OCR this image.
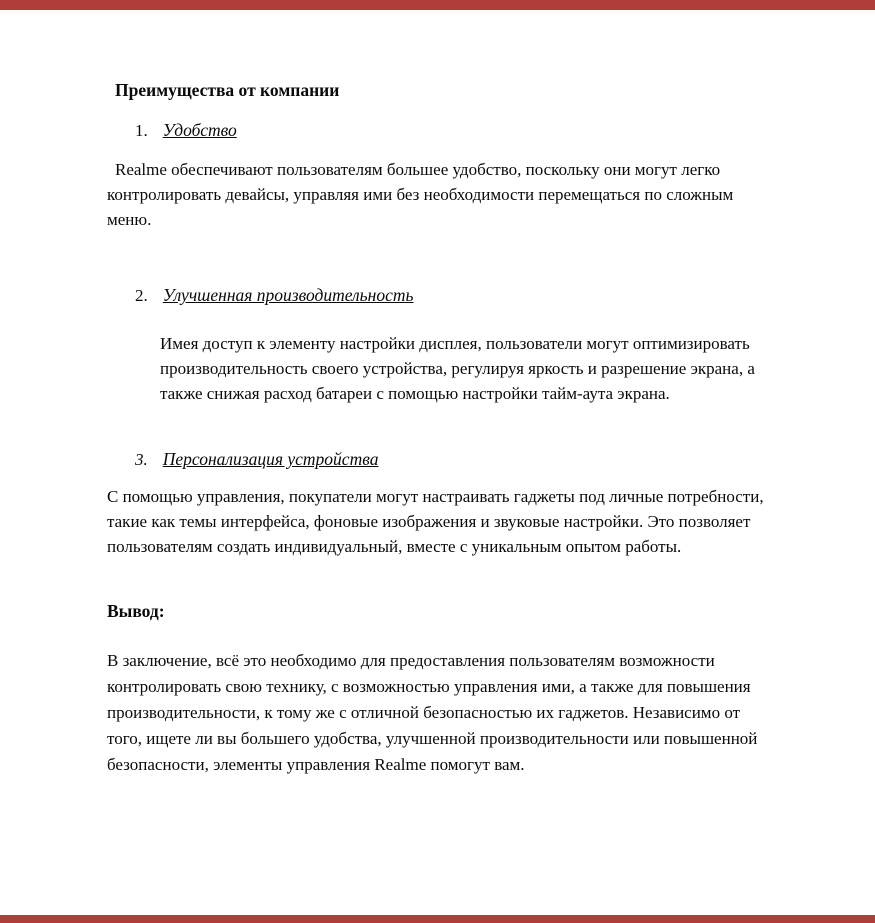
Преимущества от компании
1. Удобство

Realme обеспечивают пользователям большее удобство, поскольку они могут легко контролировать девайсы, управляя ими без необходимости перемещаться по сложным меню.

2. Улучшенная производительность

Имея доступ к элементу настройки дисплея, пользователи могут оптимизировать производительность своего устройства, регулируя яркость и разрешение экрана, а также снижая расход батареи с помощью настройки тайм-аута экрана.

3. Персонализация устройства

С помощью управления, покупатели могут настраивать гаджеты под личные потребности, такие как темы интерфейса, фоновые изображения и звуковые настройки. Это позволяет пользователям создать индивидуальный, вместе с уникальным опытом работы.

Вывод:

В заключение, всё это необходимо для предоставления пользователям возможности контролировать свою технику, с возможностью управления ими, а также для повышения производительности, к тому же с отличной безопасностью их гаджетов. Независимо от того, ищете ли вы большего удобства, улучшенной производительности или повышенной безопасности, элементы управления Realme помогут вам.
